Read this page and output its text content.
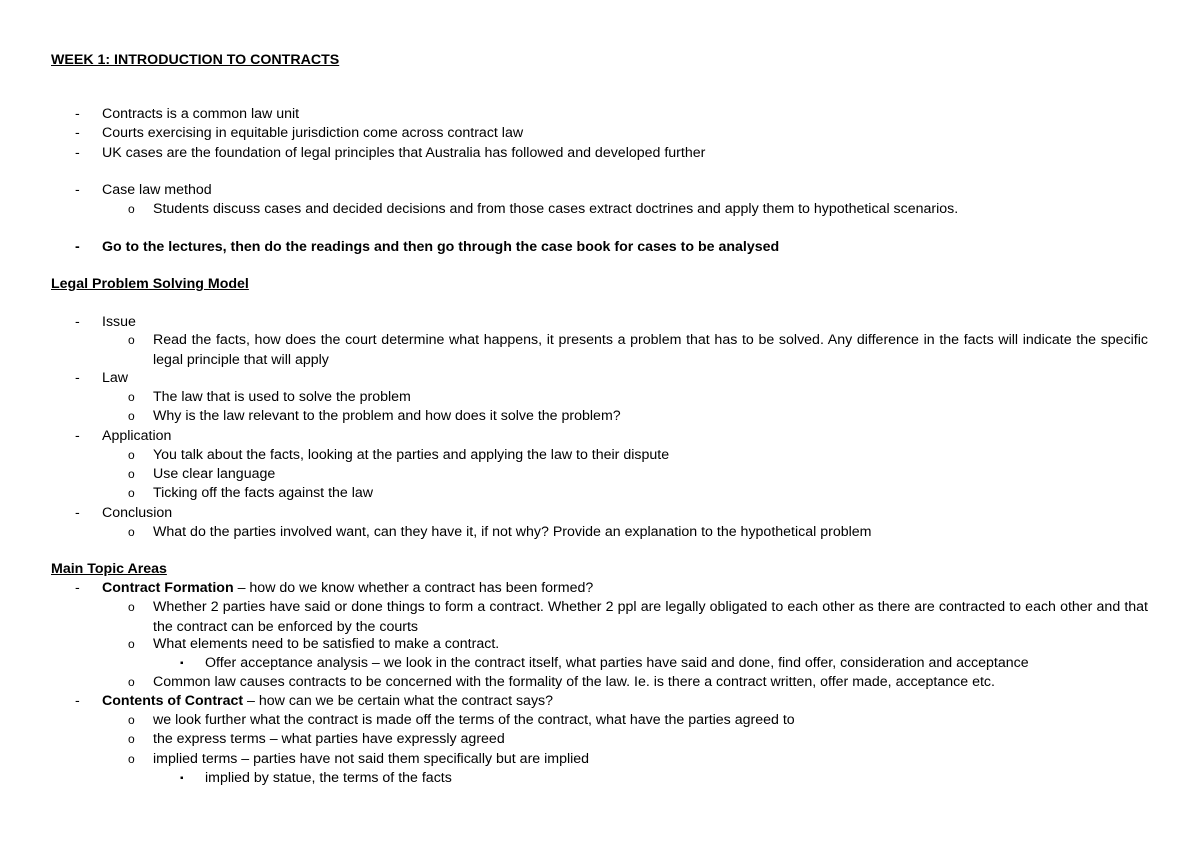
WEEK 1: INTRODUCTION TO CONTRACTS
-	Contracts is a common law unit
-	Courts exercising in equitable jurisdiction come across contract law
-	UK cases are the foundation of legal principles that Australia has followed and developed further
-	Case law method
o	Students discuss cases and decided decisions and from those cases extract doctrines and apply them to hypothetical scenarios.
-	Go to the lectures, then do the readings and then go through the case book for cases to be analysed
Legal Problem Solving Model
-	Issue
o	Read the facts, how does the court determine what happens, it presents a problem that has to be solved. Any difference in the facts will indicate the specific legal principle that will apply
-	Law
o	The law that is used to solve the problem
o	Why is the law relevant to the problem and how does it solve the problem?
-	Application
o	You talk about the facts, looking at the parties and applying the law to their dispute
o	Use clear language
o	Ticking off the facts against the law
-	Conclusion
o	What do the parties involved want, can they have it, if not why? Provide an explanation to the hypothetical problem
Main Topic Areas
-	Contract Formation – how do we know whether a contract has been formed?
o	Whether 2 parties have said or done things to form a contract. Whether 2 ppl are legally obligated to each other as there are contracted to each other and that the contract can be enforced by the courts
o	What elements need to be satisfied to make a contract.
▪	Offer acceptance analysis – we look in the contract itself, what parties have said and done, find offer, consideration and acceptance
o	Common law causes contracts to be concerned with the formality of the law. Ie. is there a contract written, offer made, acceptance etc.
-	Contents of Contract – how can we be certain what the contract says?
o	we look further what the contract is made off the terms of the contract, what have the parties agreed to
o	the express terms – what parties have expressly agreed
o	implied terms – parties have not said them specifically but are implied
▪	implied by statue, the terms of the facts
